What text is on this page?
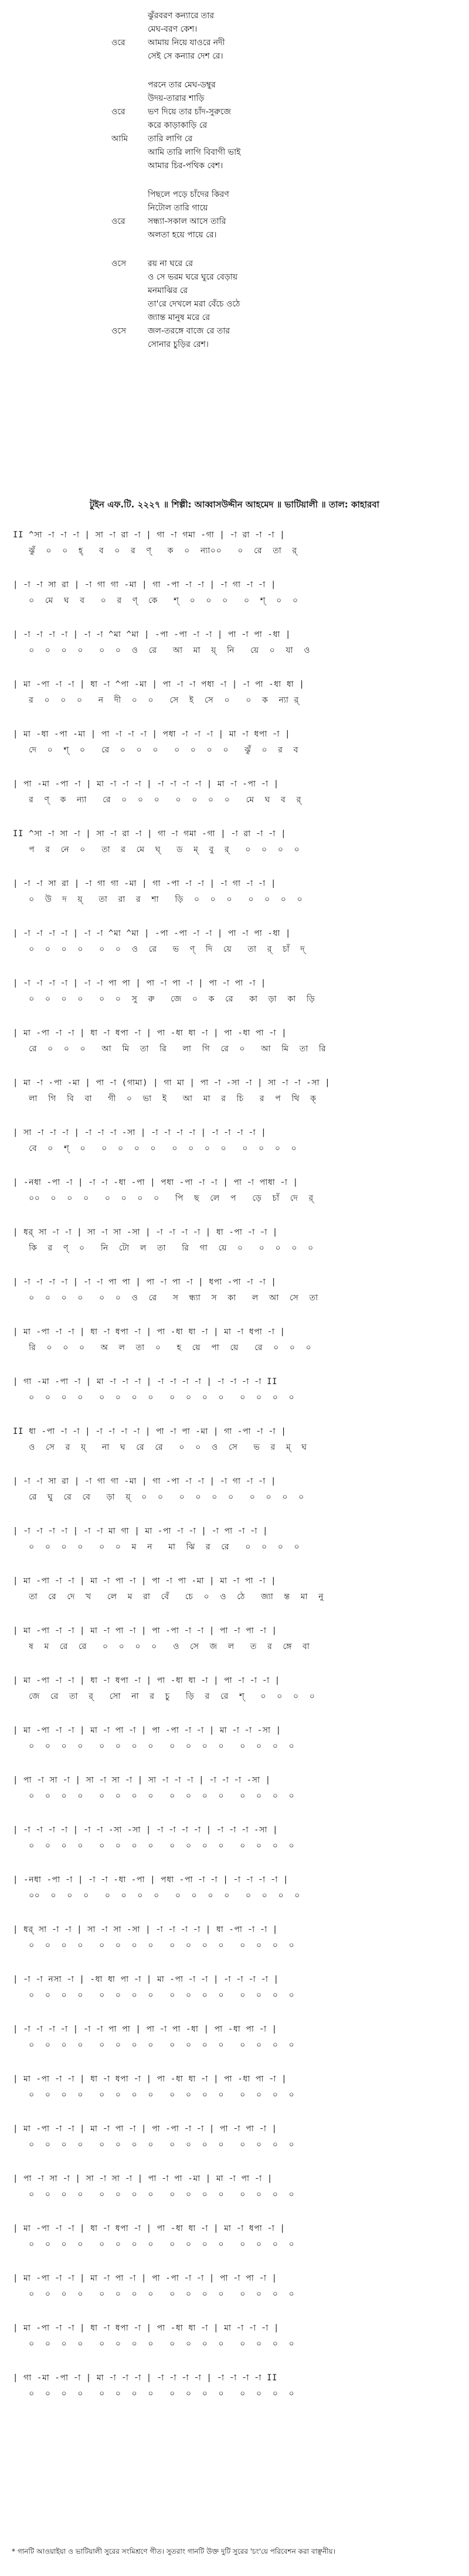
ঝুঁরবরণ কন্যারে তার
মেঘ-বরণ কেশ।
ওরে	আমায় নিয়ে যাওরে নদী
সেই সে কন্যার দেশ রে।
পরনে তার মেঘ-ডম্বুর
উদয়-তারার শাড়ি
ওরে	ভণ দিয়ে তার চাঁদ-সুরুজে
করে কাড়াকাড়ি রে
আমি	তারি লাগি রে
আমি তারি লাগি বিবাগী ভাই
আমার চির-পথিক বেশ।
পিছলে পড়ে চাঁদের কিরণ
নিটোল তারি গায়ে
ওরে	সন্ধ্যা-সকাল আসে তারি
অলতা হয়ে পায়ে রে।
ওসে	রয় না ঘরে রে
ও সে ভরম ঘরে ঘুরে বেড়ায়
মনমাঝির রে
তা'রে দেখলে মরা বেঁচে ওঠে
জ্যান্ত মানুষ মরে রে
ওসে	জল-তরঙ্গে বাজে রে তার
সোনার চুড়ির রেশ।
টুইন এফ.টি. ২২২৭ ॥ শিল্পী: আব্বাসউদ্দীন আহমেদ ॥ ভাটিয়ালী ॥ তাল: কাহারবা
II ^সা -া -া -া | সা -া রা -া | গা -া গমা -গা | -া রা -া -া |
ঝুঁ  ০  ০  হ্   ব  ০  র  ণ্   ক  ০  ন্যা০০   ০  রে  তা  র্
| -া -া সা রা | -া গা গা -মা | গা -পা -া -া | -া গা -া -া |
০  মে  ঘ  ব   ০  র  ণ্  কে   শ্  ০  ০  ০   ০  শ্  ০  ০
| -া -া -া -া | -া -া ^মা ^মা | -পা -পা -া -া | পা -া পা -ধা |
০  ০  ০  ০   ০  ০  ও  রে   আ  মা  য়্  নি   য়ে  ০  যা  ও
| মা -পা -া -া | ধা -া ^পা -মা | পা -া -া পধা -া | -া পা -ধা ধা |
র  ০  ০  ০   ন  দী  ০  ০   সে  ই  সে  ০   ০  ক  ন্যা র্
| মা -ধা -পা -মা | পা -া -া -া | পধা -া -া -া | মা -া ধপা -া |
দে  ০  শ্  ০   রে  ০  ০  ০   ০  ০  ০  ০   ঝুঁ  ০  র  ব
| পা -মা -পা -া | মা -া -া -া | -া -া -া -া | মা -া -পা -া |
র  ণ্  ক  ন্যা   রে  ০  ০  ০   ০  ০  ০  ০   মে  ঘ  ব  র্
II ^সা -া সা -া | সা -া রা -া | গা -া গমা -গা | -া রা -া -া |
প  র  নে  ০   তা  র  মে  ঘ্   ড  ম্  বু  র্   ০  ০  ০  ০
| -া -া সা রা | -া গা গা -মা | গা -পা -া -া | -া গা -া -া |
০  উ  দ  য়্   তা  রা  র  শা   ড়ি  ০  ০  ০   ০  ০  ০  ০
| -া -া -া -া | -া -া ^মা ^মা | -পা -পা -া -া | পা -া পা -ধা |
০  ০  ০  ০   ০  ০  ও  রে   ভ  ণ্  দি  য়ে   তা  র্  চাঁ  দ্
| -া -া -া -া | -া -া পা পা | পা -া পা -া | পা -া পা -া |
০  ০  ০  ০   ০  ০  সু  রু   জে  ০  ক  রে   কা  ড়া  কা  ড়ি
| মা -পা -া -া | ধা -া ধপা -া | পা -ধা ধা -া | পা -ধা পা -া |
রে  ০  ০  ০   আ  মি  তা  রি   লা  গি  রে  ০   আ  মি  তা  রি
| মা -া -পা -মা | পা -া (গামা) | গা মা | পা -া -সা -া | সা -া -া -সা |
লা  গি  বি  বা   গী  ০  ভা  ই   আ  মা  র  চি   র  প  থি  ক্
| সা -া -া -া | -া -া -া -সা | -া -া -া -া | -া -া -া -া |
বে  ০  শ্  ০   ০  ০  ০  ০   ০  ০  ০  ০   ০  ০  ০  ০
| -নধা -পা -া | -া -া -ধা -পা | পধা -পা -া -া | পা -া পাধা -া |
০০  ০  ০  ০   ০  ০  ০  ০   পি  ছ  লে  প   ড়ে  চাঁ  দে  র্
| ধর্ সা -া -া | সা -া সা -সা | -া -া -া -া | ধা -পা -া -া |
কি  র  ণ্  ০   নি  টো  ল  তা   রি  গা  য়ে  ০   ০  ০  ০  ০
| -া -া -া -া | -া -া পা পা | পা -া পা -া | ধপা -পা -া -া |
০  ০  ০  ০   ০  ০  ও  রে   স  ন্ধ্যা  স  কা   ল  আ  সে  তা
| মা -পা -া -া | ধা -া ধপা -া | পা -ধা ধা -া | মা -া ধপা -া |
রি  ০  ০  ০   অ  ল  তা  ০   হ  য়ে  পা  য়ে   রে  ০  ০  ০
| গা -মা -পা -া | মা -া -া -া | -া -া -া -া | -া -া -া -া II
০  ০  ০  ০   ০  ০  ০  ০   ০  ০  ০  ০   ০  ০  ০  ০
II ধা -পা -া -া | -া -া -া -া | পা -া পা -মা | গা -পা -া -া |
ও  সে  র  য়্   না  ঘ  রে  রে   ০  ০  ও  সে   ভ  র  ম্  ঘ
| -া -া সা রা | -া গা গা -মা | গা -পা -া -া | -া গা -া -া |
রে  ঘু  রে  বে   ড়া  য়্  ০  ০   ০  ০  ০  ০   ০  ০  ০  ০
| -া -া -া -া | -া -া মা গা | মা -পা -া -া | -া পা -া -া |
০  ০  ০  ০   ০  ০  ম  ন   মা  ঝি  র  রে   ০  ০  ০  ০
| মা -পা -া -া | মা -া পা -া | পা -া পা -মা | মা -া পা -া |
তা  রে  দে  খ   লে  ম  রা  বেঁ   চে  ০  ও  ঠে   জ্যা  ন্ত  মা  নু
| মা -পা -া -া | মা -া পা -া | পা -পা -া -া | পা -া পা -া |
ষ  ম  রে  রে   ০  ০  ০  ০   ও  সে  জ  ল   ত  র  ঙ্গে  বা
| মা -পা -া -া | ধা -া ধপা -া | পা -ধা ধা -া | পা -া -া -া |
জে  রে  তা  র্   সো  না  র  চু   ড়ি  র  রে  শ্   ০  ০  ০  ০
| মা -পা -া -া | মা -া পা -া | পা -পা -া -া | মা -া -া -সা |
০  ০  ০  ০   ০  ০  ০  ০   ০  ০  ০  ০   ০  ০  ০  ০
| পা -া সা -া | সা -া সা -া | সা -া -া -া | -া -া -া -সা |
০  ০  ০  ০   ০  ০  ০  ০   ০  ০  ০  ০   ০  ০  ০  ০
| -া -া -া -া | -া -া -সা -সা | -া -া -া -া | -া -া -া -সা |
০  ০  ০  ০   ০  ০  ০  ০   ০  ০  ০  ০   ০  ০  ০  ০
| -নধা -পা -া | -া -া -ধা -পা | পধা -পা -া -া | -া -া -া -া |
০০  ০  ০  ০   ০  ০  ০  ০   ০  ০  ০  ০   ০  ০  ০  ০
| ধর্ সা -া -া | সা -া সা -সা | -া -া -া -া | ধা -পা -া -া |
০  ০  ০  ০   ০  ০  ০  ০   ০  ০  ০  ০   ০  ০  ০  ০
| -া -া নসা -া | -ধা ধা পা -া | মা -পা -া -া | -া -া -া -া |
০  ০  ০  ০   ০  ০  ০  ০   ০  ০  ০  ০   ০  ০  ০  ০
| -া -া -া -া | -া -া পা পা | পা -া পা -ধা | পা -ধা পা -া |
০  ০  ০  ০   ০  ০  ০  ০   ০  ০  ০  ০   ০  ০  ০  ০
| মা -পা -া -া | ধা -া ধপা -া | পা -ধা ধা -া | পা -ধা পা -া |
০  ০  ০  ০   ০  ০  ০  ০   ০  ০  ০  ০   ০  ০  ০  ০
| মা -পা -া -া | মা -া পা -া | পা -পা -া -া | পা -া পা -া |
০  ০  ০  ০   ০  ০  ০  ০   ০  ০  ০  ০   ০  ০  ০  ০
| পা -া সা -া | সা -া সা -া | পা -া পা -মা | মা -া পা -া |
০  ০  ০  ০   ০  ০  ০  ০   ০  ০  ০  ০   ০  ০  ০  ০
| মা -পা -া -া | ধা -া ধপা -া | পা -ধা ধা -া | মা -া ধপা -া |
০  ০  ০  ০   ০  ০  ০  ০   ০  ০  ০  ০   ০  ০  ০  ০
| মা -পা -া -া | মা -া পা -া | পা -পা -া -া | পা -া পা -া |
০  ০  ০  ০   ০  ০  ০  ০   ০  ০  ০  ০   ০  ০  ০  ০
| মা -পা -া -া | ধা -া ধপা -া | পা -ধা ধা -া | মা -া -া -া |
০  ০  ০  ০   ০  ০  ০  ০   ০  ০  ০  ০   ০  ০  ০  ০
| গা -মা -পা -া | মা -া -া -া | -া -া -া -া | -া -া -া -া II
০  ০  ০  ০   ০  ০  ০  ০   ০  ০  ০  ০   ০  ০  ০  ০
* গানটি আওয়াইয়া ও ভাটিয়ালী সুরের সংমিশ্রণে গীত। সুতরাং গানটি উক্ত দুটি সুরের 'চং'য়ে পরিবেশন করা বাঞ্ছনীয়।
